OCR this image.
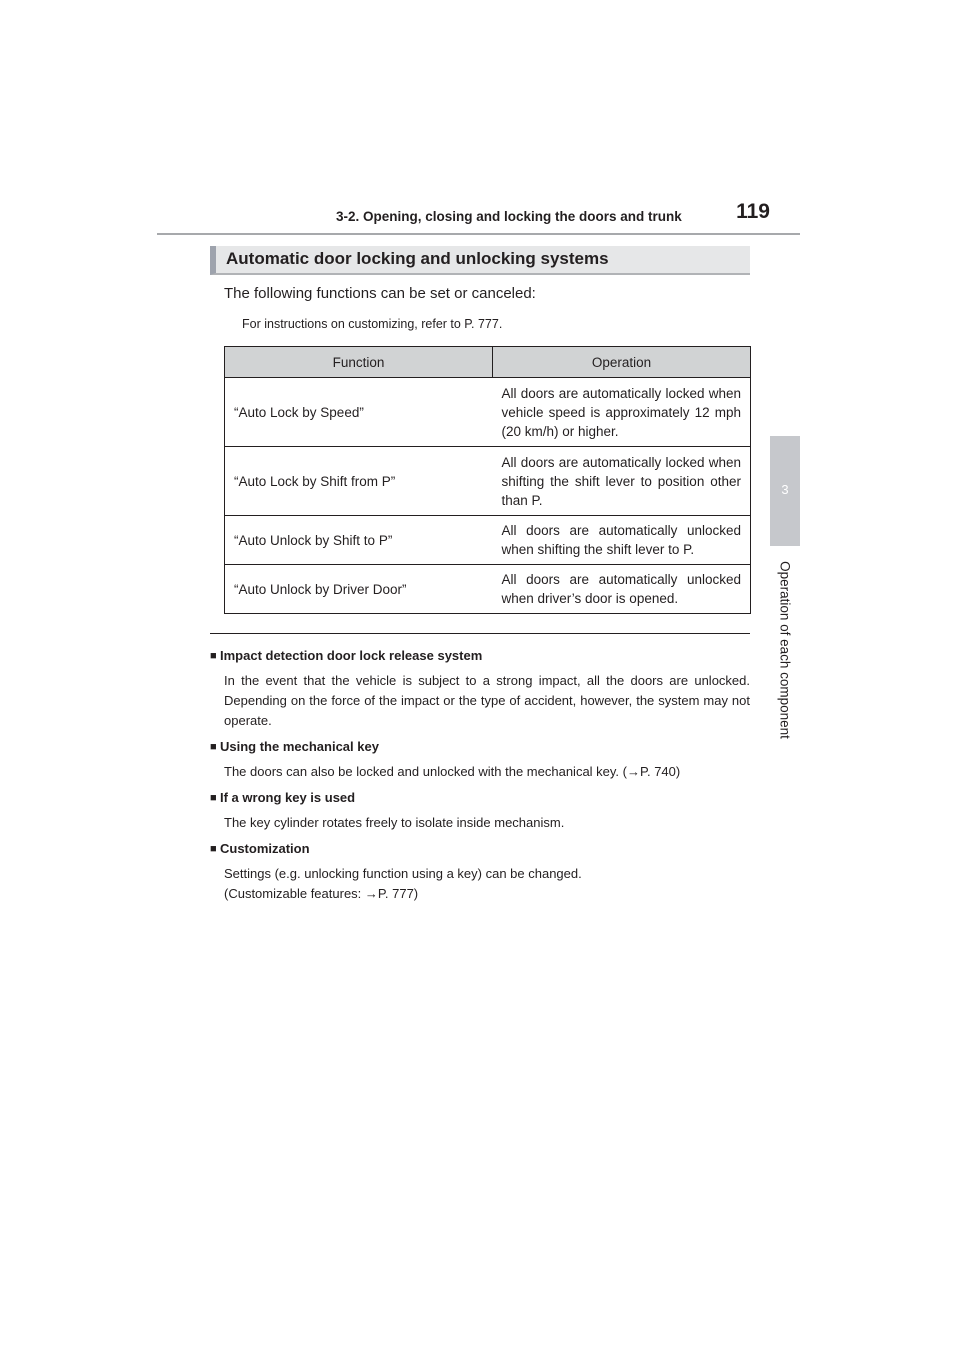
3-2. Opening, closing and locking the doors and trunk	119
3
Operation of each component
Automatic door locking and unlocking systems
The following functions can be set or canceled:
For instructions on customizing, refer to P. 777.
Function	Operation
“Auto Lock by Speed”	All doors are automatically locked when vehicle speed is approximately 12 mph (20 km/h) or higher.
“Auto Lock by Shift from P”	All doors are automatically locked when shifting the shift lever to position other than P.
“Auto Unlock by Shift to P”	All doors are automatically unlocked when shifting the shift lever to P.
“Auto Unlock by Driver Door”	All doors are automatically unlocked when driver’s door is opened.
■ Impact detection door lock release system
In the event that the vehicle is subject to a strong impact, all the doors are unlocked. Depending on the force of the impact or the type of accident, however, the system may not operate.
■ Using the mechanical key
The doors can also be locked and unlocked with the mechanical key. (→P. 740)
■ If a wrong key is used
The key cylinder rotates freely to isolate inside mechanism.
■ Customization
Settings (e.g. unlocking function using a key) can be changed.
(Customizable features: →P. 777)
